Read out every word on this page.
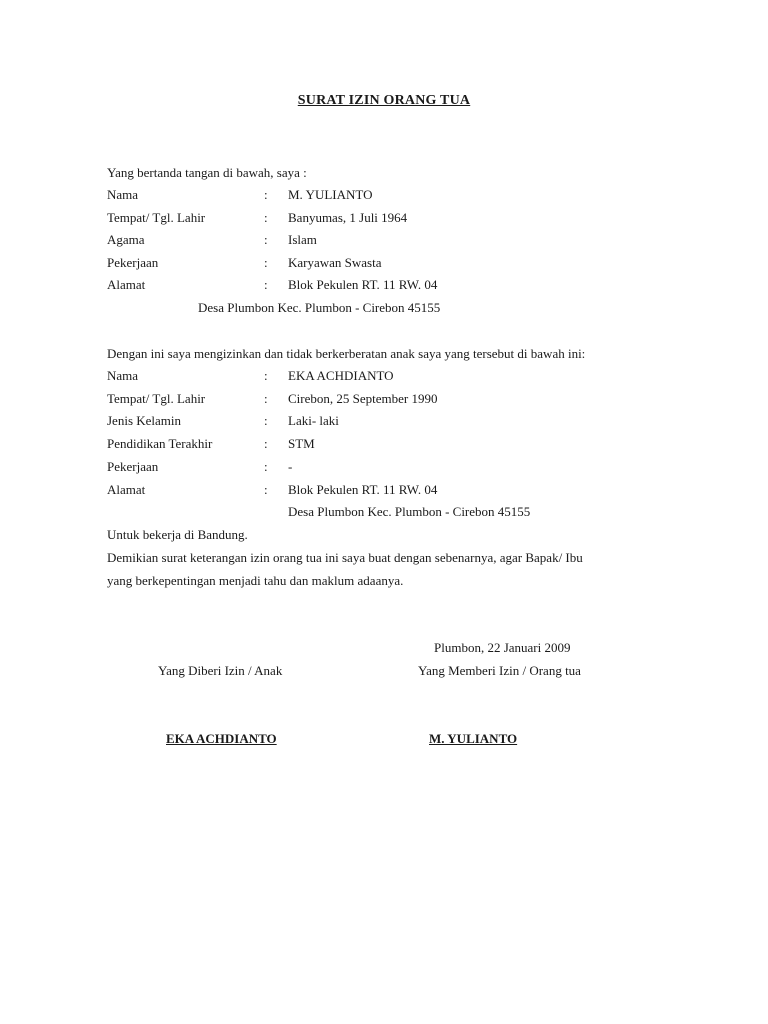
SURAT IZIN ORANG TUA
Yang bertanda tangan di bawah, saya :
Nama	: M. YULIANTO
Tempat/ Tgl. Lahir	: Banyumas, 1 Juli 1964
Agama	: Islam
Pekerjaan	: Karyawan Swasta
Alamat	: Blok Pekulen RT. 11 RW. 04
Desa Plumbon Kec. Plumbon - Cirebon 45155
Dengan ini saya mengizinkan dan tidak berkerberatan anak saya yang tersebut di bawah ini:
Nama	: EKA ACHDIANTO
Tempat/ Tgl. Lahir	: Cirebon, 25 September 1990
Jenis Kelamin	: Laki- laki
Pendidikan Terakhir	: STM
Pekerjaan	: -
Alamat	: Blok Pekulen RT. 11 RW. 04
Desa Plumbon Kec. Plumbon - Cirebon 45155
Untuk bekerja di Bandung.
Demikian surat keterangan izin orang tua ini saya buat dengan sebenarnya, agar Bapak/ Ibu
yang berkepentingan menjadi tahu dan maklum adaanya.
Plumbon, 22 Januari 2009
Yang Diberi Izin / Anak	Yang Memberi Izin / Orang tua
EKA ACHDIANTO	M. YULIANTO
